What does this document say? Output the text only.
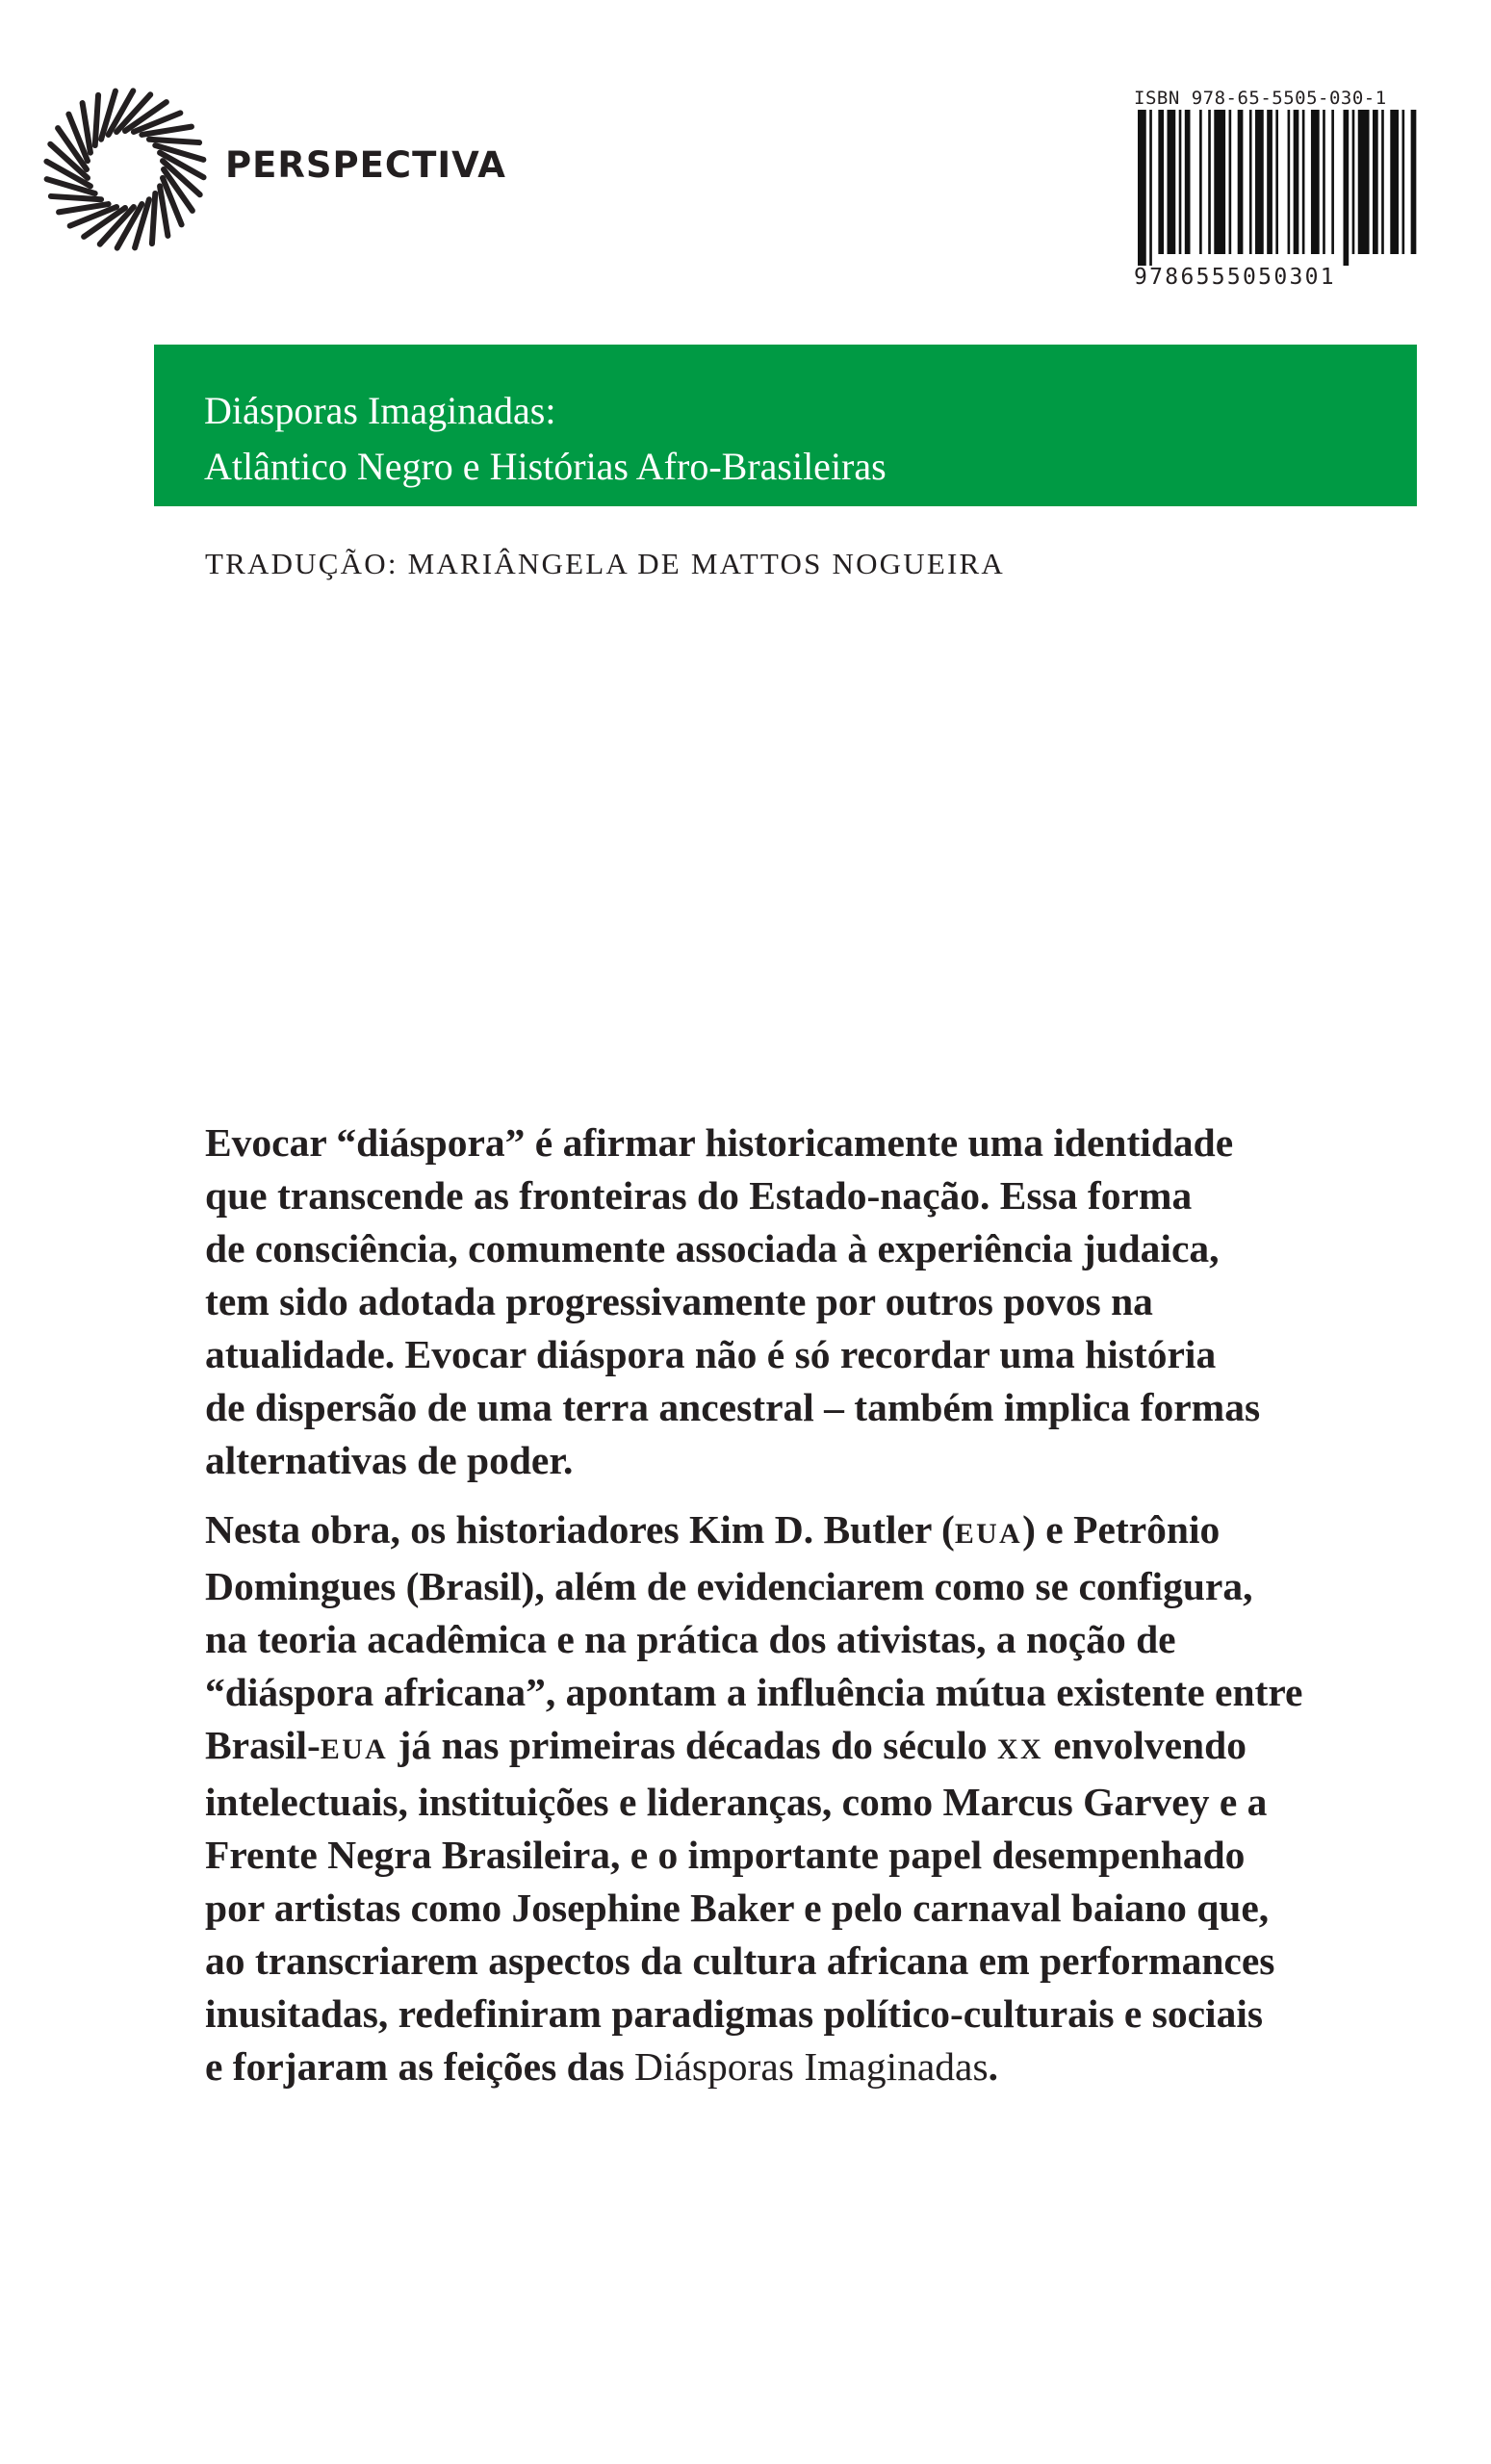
PERSPECTIVA
ISBN 978-65-5505-030-1
9786555050301
Diásporas Imaginadas:
Atlântico Negro e Histórias Afro-Brasileiras
TRADUÇÃO: MARIÂNGELA DE MATTOS NOGUEIRA

Evocar “diáspora” é afirmar historicamente uma identidade
que transcende as fronteiras do Estado-nação. Essa forma
de consciência, comumente associada à experiência judaica,
tem sido adotada progressivamente por outros povos na
atualidade. Evocar diáspora não é só recordar uma história
de dispersão de uma terra ancestral – também implica formas
alternativas de poder.

Nesta obra, os historiadores Kim D. Butler (EUA) e Petrônio
Domingues (Brasil), além de evidenciarem como se configura,
na teoria acadêmica e na prática dos ativistas, a noção de
“diáspora africana”, apontam a influência mútua existente entre
Brasil-EUA já nas primeiras décadas do século XX envolvendo
intelectuais, instituições e lideranças, como Marcus Garvey e a
Frente Negra Brasileira, e o importante papel desempenhado
por artistas como Josephine Baker e pelo carnaval baiano que,
ao transcriarem aspectos da cultura africana em performances
inusitadas, redefiniram paradigmas político-culturais e sociais
e forjaram as feições das Diásporas Imaginadas.
